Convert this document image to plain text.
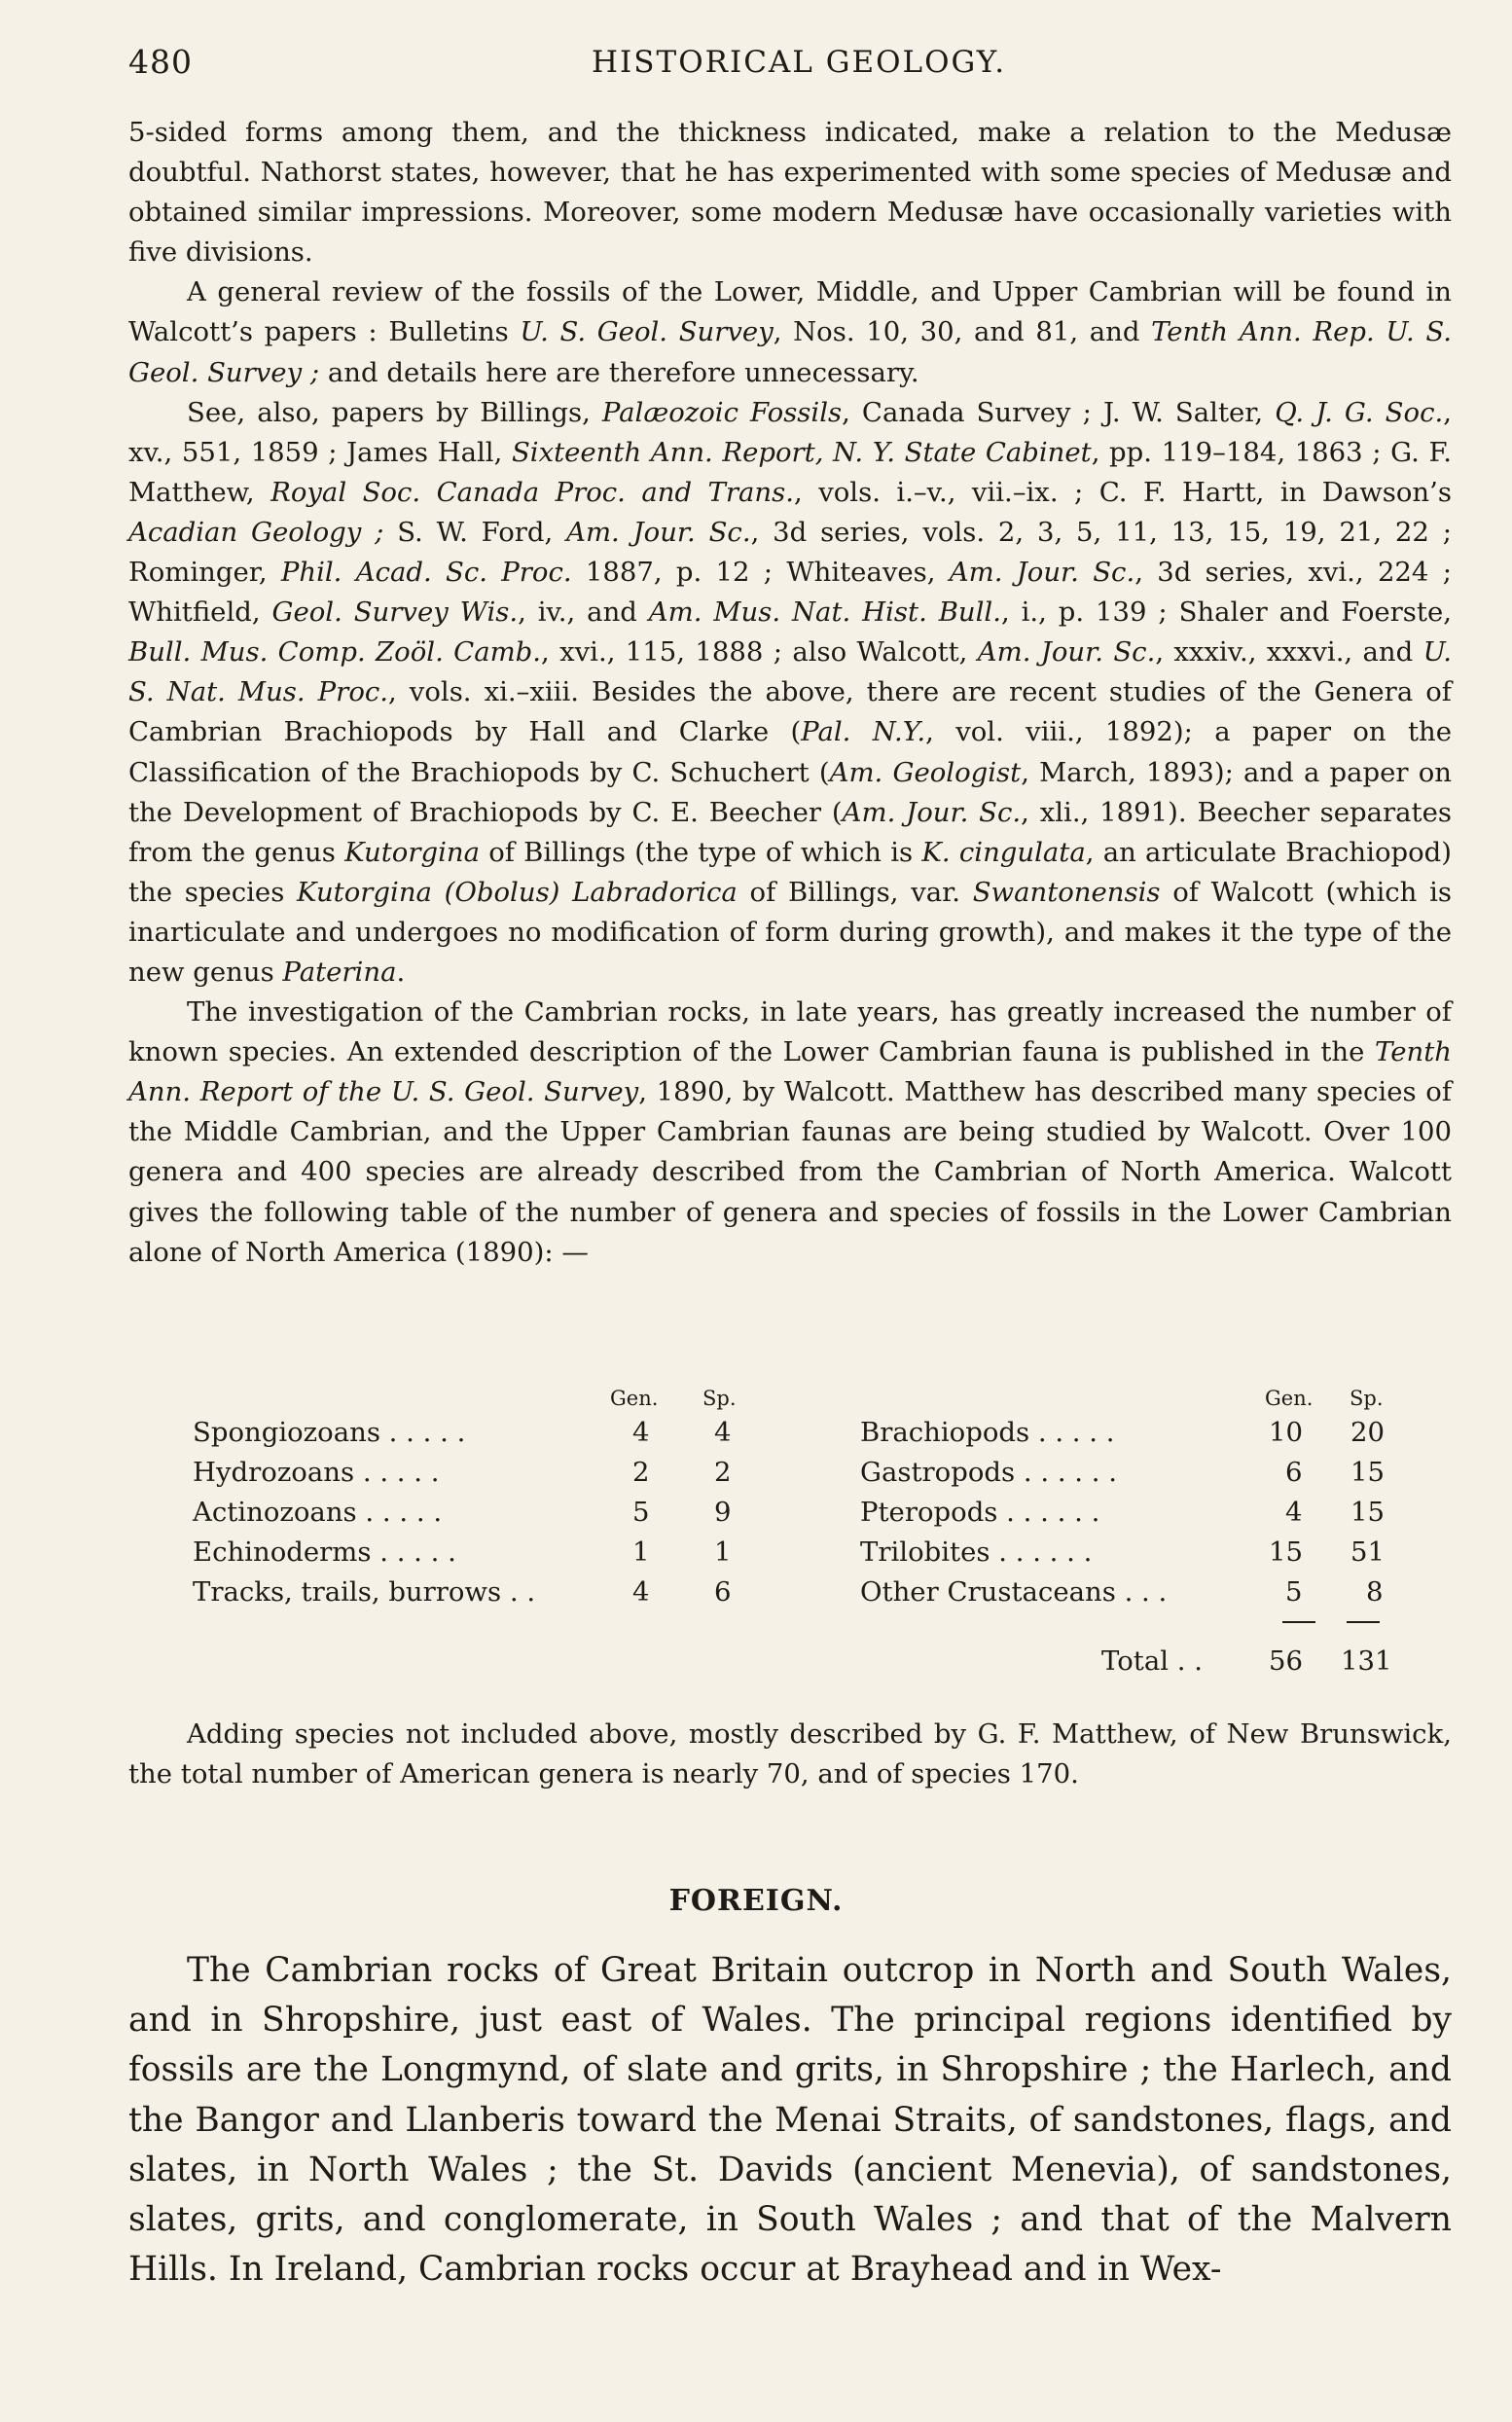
480	HISTORICAL GEOLOGY.

5-sided forms among them, and the thickness indicated, make a relation to the Medusæ doubtful. Nathorst states, however, that he has experimented with some species of Medusæ and obtained similar impressions. Moreover, some modern Medusæ have occasionally varieties with five divisions.

A general review of the fossils of the Lower, Middle, and Upper Cambrian will be found in Walcott’s papers : Bulletins U. S. Geol. Survey, Nos. 10, 30, and 81, and Tenth Ann. Rep. U. S. Geol. Survey ; and details here are therefore unnecessary.

See, also, papers by Billings, Palæozoic Fossils, Canada Survey ; J. W. Salter, Q. J. G. Soc., xv., 551, 1859 ; James Hall, Sixteenth Ann. Report, N. Y. State Cabinet, pp. 119–184, 1863 ; G. F. Matthew, Royal Soc. Canada Proc. and Trans., vols. i.–v., vii.–ix. ; C. F. Hartt, in Dawson’s Acadian Geology ; S. W. Ford, Am. Jour. Sc., 3d series, vols. 2, 3, 5, 11, 13, 15, 19, 21, 22 ; Rominger, Phil. Acad. Sc. Proc. 1887, p. 12 ; Whiteaves, Am. Jour. Sc., 3d series, xvi., 224 ; Whitfield, Geol. Survey Wis., iv., and Am. Mus. Nat. Hist. Bull., i., p. 139 ; Shaler and Foerste, Bull. Mus. Comp. Zoöl. Camb., xvi., 115, 1888 ; also Walcott, Am. Jour. Sc., xxxiv., xxxvi., and U. S. Nat. Mus. Proc., vols. xi.–xiii. Besides the above, there are recent studies of the Genera of Cambrian Brachiopods by Hall and Clarke (Pal. N.Y., vol. viii., 1892); a paper on the Classification of the Brachiopods by C. Schuchert (Am. Geologist, March, 1893); and a paper on the Development of Brachiopods by C. E. Beecher (Am. Jour. Sc., xli., 1891). Beecher separates from the genus Kutorgina of Billings (the type of which is K. cingulata, an articulate Brachiopod) the species Kutorgina (Obolus) Labradorica of Billings, var. Swantonensis of Walcott (which is inarticulate and undergoes no modification of form during growth), and makes it the type of the new genus Paterina.

The investigation of the Cambrian rocks, in late years, has greatly increased the number of known species. An extended description of the Lower Cambrian fauna is published in the Tenth Ann. Report of the U. S. Geol. Survey, 1890, by Walcott. Matthew has described many species of the Middle Cambrian, and the Upper Cambrian faunas are being studied by Walcott. Over 100 genera and 400 species are already described from the Cambrian of North America. Walcott gives the following table of the number of genera and species of fossils in the Lower Cambrian alone of North America (1890): —

Gen. Sp.	Gen. Sp.
Spongiozoans . . . . .	4 4
Hydrozoans . . . . .	2 2
Actinozoans . . . . .	5 9
Echinoderms . . . . .	1 1
Tracks, trails, burrows . .	4 6
Brachiopods . . . . .	10 20
Gastropods . . . . . .	6 15
Pteropods . . . . . .	4 15
Trilobites . . . . . .	15 51
Other Crustaceans . . .	5 8
Total . . 56 131

Adding species not included above, mostly described by G. F. Matthew, of New Brunswick, the total number of American genera is nearly 70, and of species 170.

FOREIGN.

The Cambrian rocks of Great Britain outcrop in North and South Wales, and in Shropshire, just east of Wales. The principal regions identified by fossils are the Longmynd, of slate and grits, in Shropshire ; the Harlech, and the Bangor and Llanberis toward the Menai Straits, of sandstones, flags, and slates, in North Wales ; the St. Davids (ancient Menevia), of sandstones, slates, grits, and conglomerate, in South Wales ; and that of the Malvern Hills. In Ireland, Cambrian rocks occur at Brayhead and in Wex-
